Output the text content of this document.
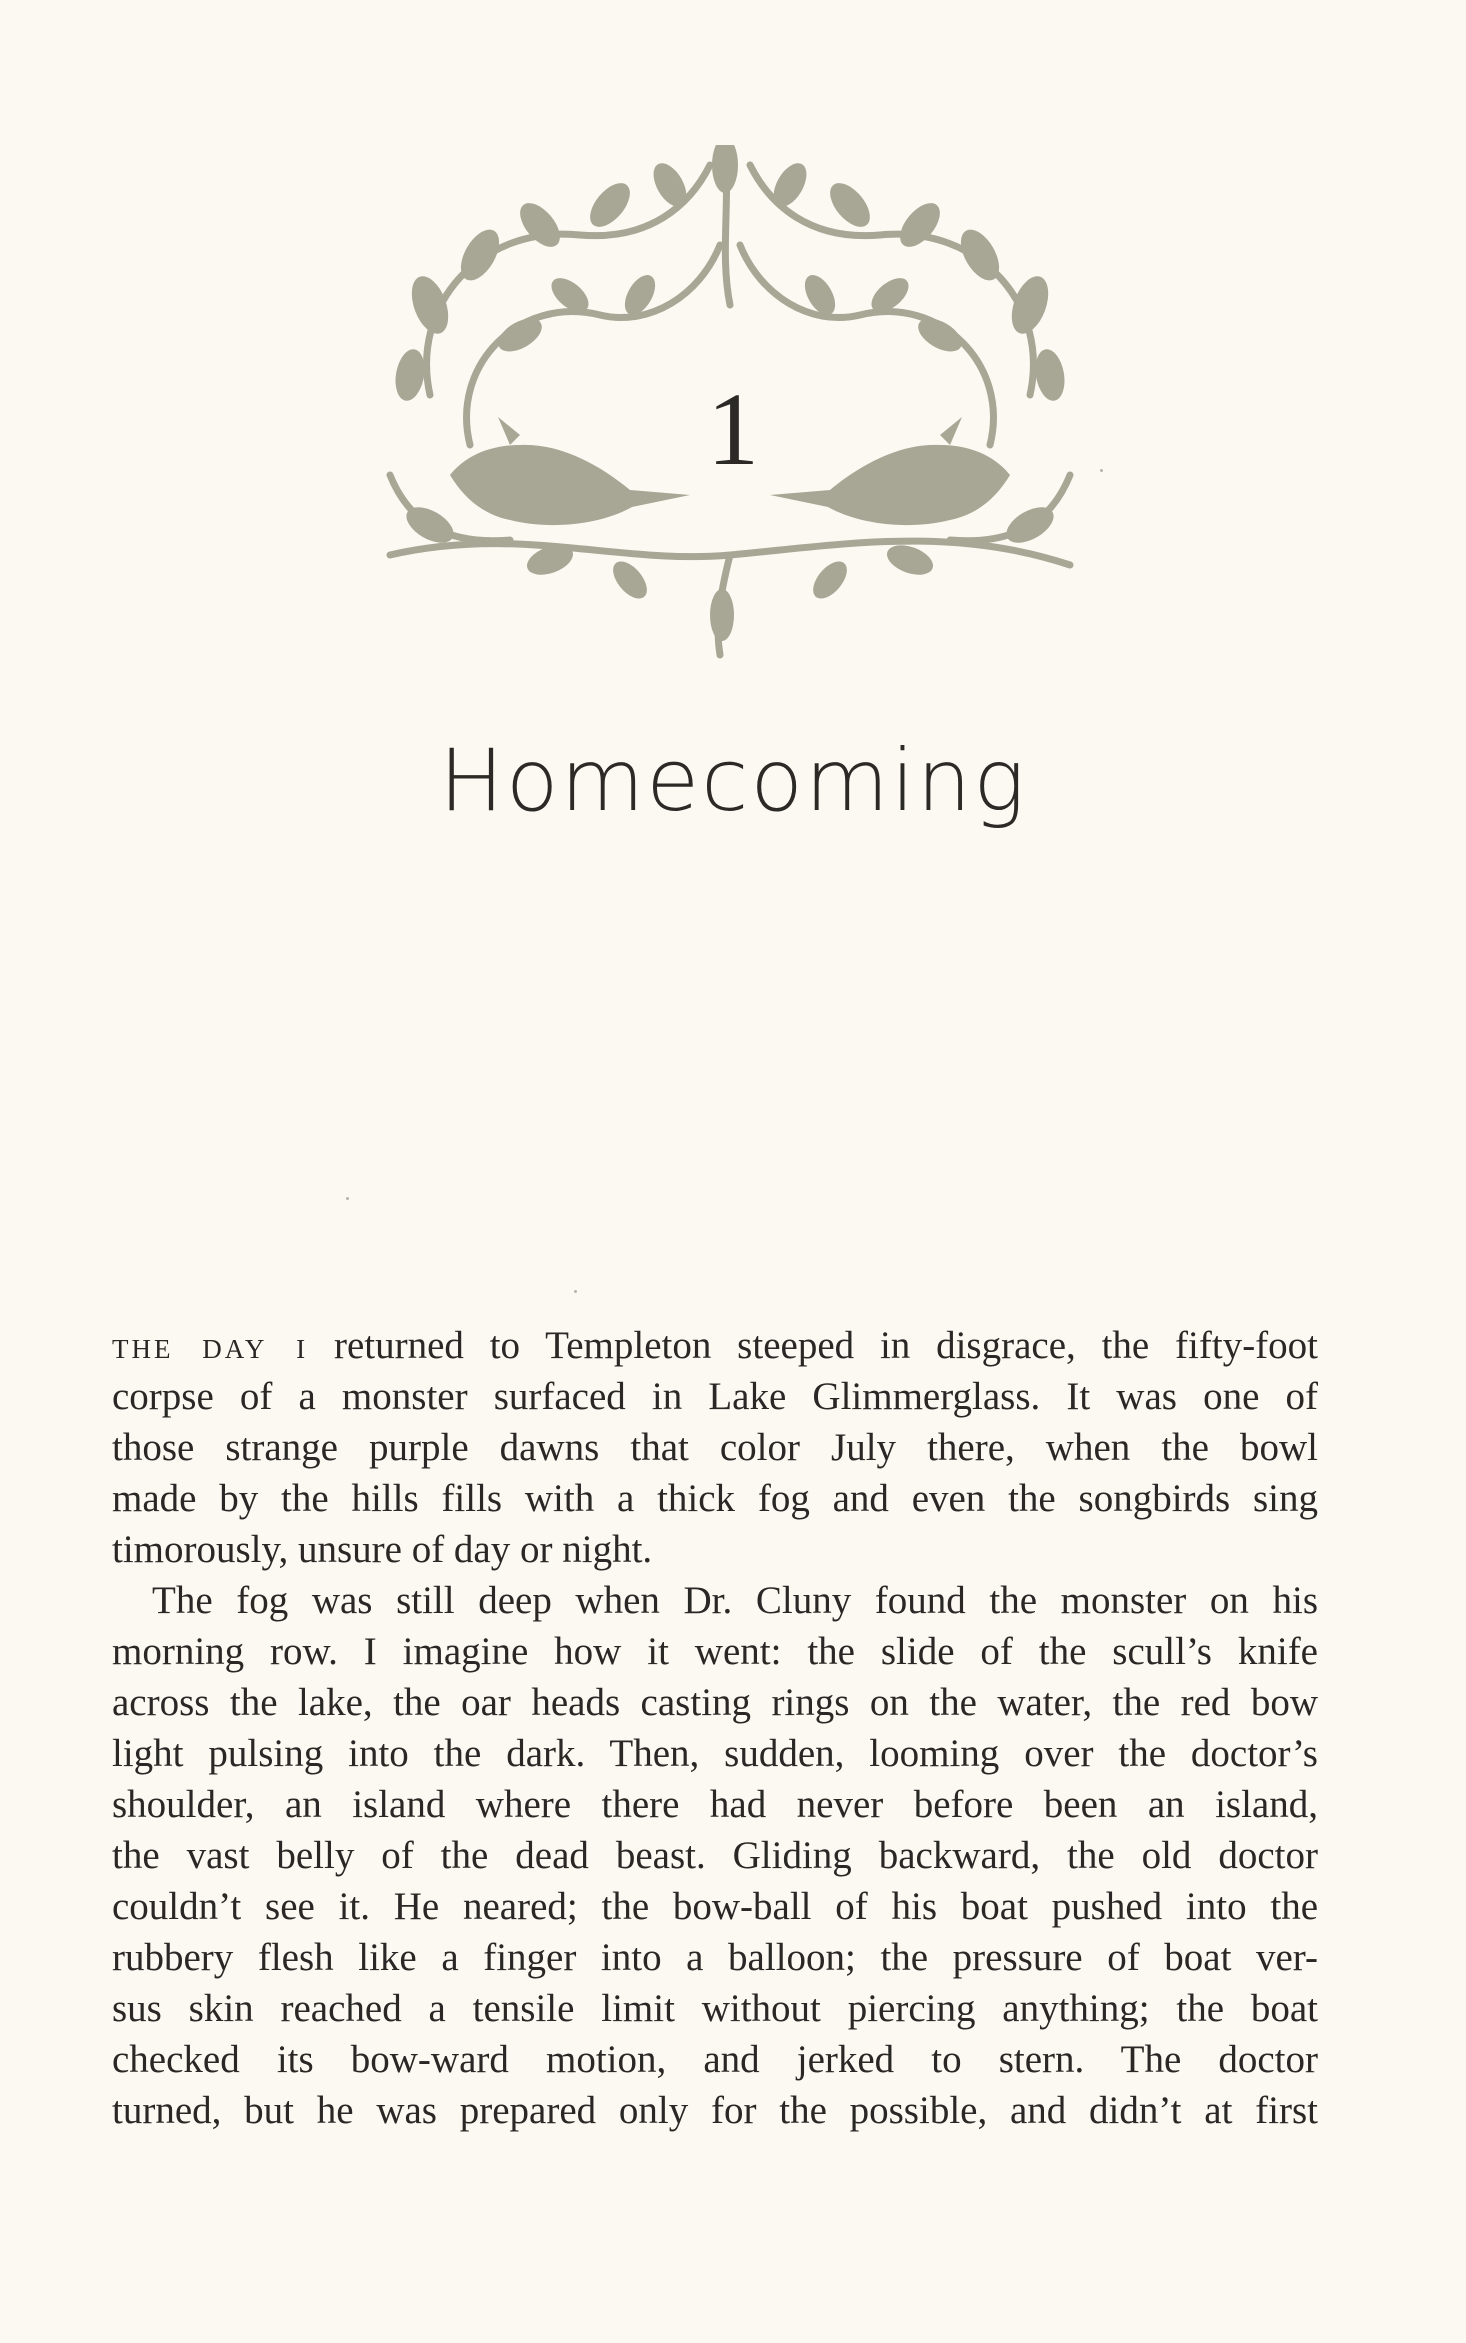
1
Homecoming
the day i returned to Templeton steeped in disgrace, the fifty-foot
corpse of a monster surfaced in Lake Glimmerglass. It was one of
those strange purple dawns that color July there, when the bowl
made by the hills fills with a thick fog and even the songbirds sing
timorously, unsure of day or night.
The fog was still deep when Dr. Cluny found the monster on his
morning row. I imagine how it went: the slide of the scull’s knife
across the lake, the oar heads casting rings on the water, the red bow
light pulsing into the dark. Then, sudden, looming over the doctor’s
shoulder, an island where there had never before been an island,
the vast belly of the dead beast. Gliding backward, the old doctor
couldn’t see it. He neared; the bow-ball of his boat pushed into the
rubbery flesh like a finger into a balloon; the pressure of boat ver-
sus skin reached a tensile limit without piercing anything; the boat
checked its bow-ward motion, and jerked to stern. The doctor
turned, but he was prepared only for the possible, and didn’t at first
